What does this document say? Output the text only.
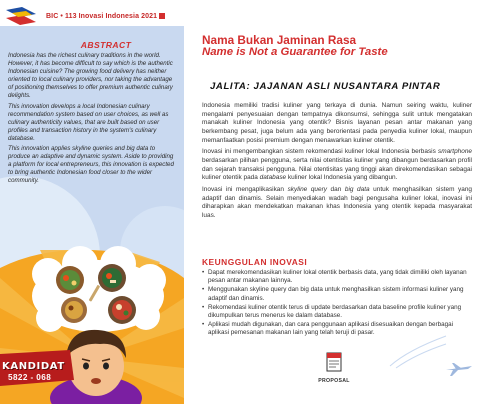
BIC • 113 Inovasi Indonesia 2021
ABSTRACT

Indonesia has the richest culinary traditions in the world. However, it has become difficult to say which is the authentic Indonesian cuisine? The growing food delivery has neither oriented to local culinary providers, nor taking the advantage of positioning themselves to offer premium authentic culinary delights.

This innovation develops a local Indonesian culinary recommendation system based on user choices, as well as culinary authenticity values, that are built based on user profiles and transaction history in the system's culinary database.

This innovation applies skyline queries and big data to produce an adaptive and dynamic system. Aside to providing a platform for local entrepreneurs, this innovation is expected to bring authentic Indonesian food closer to the wider community.

KANDIDAT
5822 - 068
Nama Bukan Jaminan Rasa
Name is Not a Guarantee for Taste
JALITA: JAJANAN ASLI NUSANTARA PINTAR

Indonesia memiliki tradisi kuliner yang terkaya di dunia. Namun seiring waktu, kuliner mengalami penyesuaian dengan tempatnya dikonsumsi, sehingga sulit untuk mengatakan manakah kuliner Indonesia yang otentik? Bisnis layanan pesan antar makanan yang berkembang pesat, juga belum ada yang berorientasi pada penyedia kuliner lokal, maupun memanfaatkan posisi premium dengan menawarkan kuliner otentik.

Inovasi ini mengembangkan sistem rekomendasi kuliner lokal Indonesia berbasis smartphone berdasarkan pilihan pengguna, serta nilai otentisitas kuliner yang dibangun berdasarkan profil dan sejarah transaksi pengguna. Nilai otentisitas yang tinggi akan direkomendasikan sebagai kuliner otentik pada database kuliner lokal Indonesia yang dibangun.

Inovasi ini mengaplikasikan skyline query dan big data untuk menghasilkan sistem yang adaptif dan dinamis. Selain menyediakan wadah bagi pengusaha kuliner lokal, inovasi ini diharapkan akan mendekatkan makanan khas Indonesia yang otentik kepada masyarakat luas.

KEUNGGULAN INOVASI
• Dapat merekomendasikan kuliner lokal otentik berbasis data, yang tidak dimiliki oleh layanan pesan antar makanan lainnya.
• Menggunakan skyline query dan big data untuk menghasilkan sistem informasi kuliner yang adaptif dan dinamis.
• Rekomendasi kuliner otentik terus di update berdasarkan data baseline profile kuliner yang dikumpulkan terus menerus ke dalam database.
• Aplikasi mudah digunakan, dan cara penggunaan aplikasi disesuaikan dengan berbagai aplikasi pemesanan makanan lain yang telah teruji di pasar.
PROPOSAL
